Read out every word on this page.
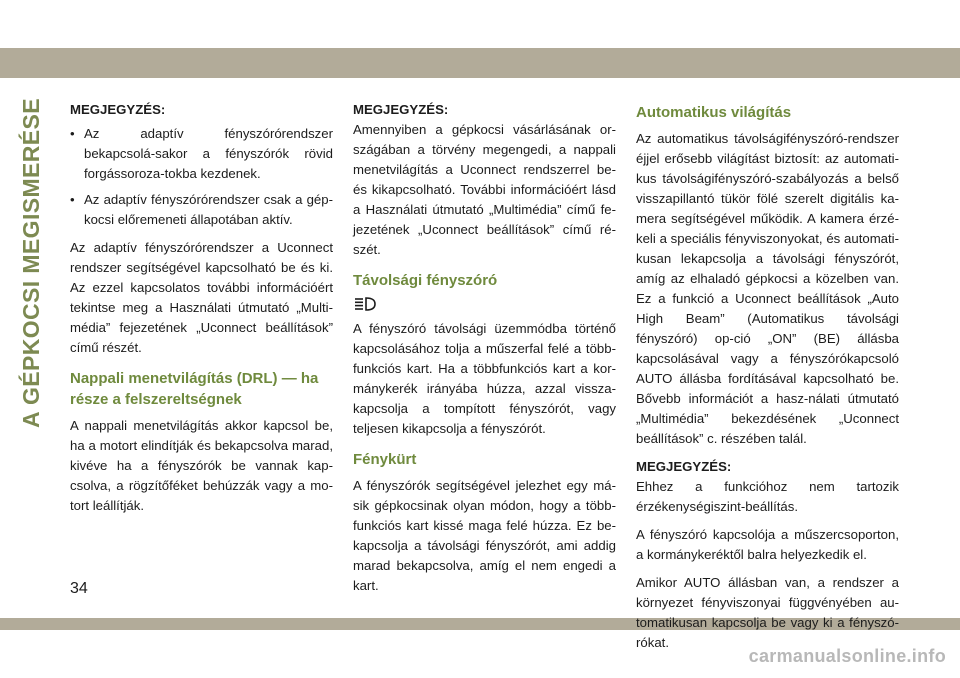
A GÉPKOCSI MEGISMERÉSE MEGJEGYZÉS:

• Az adaptív fényszórórendszer bekapcsolá-sakor a fényszórók rövid forgássoroza-tokba kezdenek.
• Az adaptív fényszórórendszer csak a gép-kocsi előremeneti állapotában aktív.

Az adaptív fényszórórendszer a Uconnect rendszer segítségével kapcsolható be és ki. Az ezzel kapcsolatos további információért tekintse meg a Használati útmutató „Multi-média” fejezetének „Uconnect beállítások” című részét.

Nappali menetvilágítás (DRL) — ha része a felszereltségnek

A nappali menetvilágítás akkor kapcsol be, ha a motort elindítják és bekapcsolva marad, kivéve ha a fényszórók be vannak kap-csolva, a rögzítőféket behúzzák vagy a mo-tort leállítják.

MEGJEGYZÉS:

Amennyiben a gépkocsi vásárlásának or-szágában a törvény megengedi, a nappali menetvilágítás a Uconnect rendszerrel be- és kikapcsolható. További információért lásd a Használati útmutató „Multimédia” című fe-jezetének „Uconnect beállítások” című ré-szét.

Távolsági fényszóró

A fényszóró távolsági üzemmódba történő kapcsolásához tolja a műszerfal felé a több-funkciós kart. Ha a többfunkciós kart a kor-mánykerék irányába húzza, azzal vissza-kapcsolja a tompított fényszórót, vagy teljesen kikapcsolja a fényszórót.

Fénykürt

A fényszórók segítségével jelezhet egy má-sik gépkocsinak olyan módon, hogy a több-funkciós kart kissé maga felé húzza. Ez be-kapcsolja a távolsági fényszórót, ami addig marad bekapcsolva, amíg el nem engedi a kart.

Automatikus világítás

Az automatikus távolságifényszóró-rendszer éjjel erősebb világítást biztosít: az automati-kus távolságifényszóró-szabályozás a belső visszapillantó tükör fölé szerelt digitális ka-mera segítségével működik. A kamera érzé-keli a speciális fényviszonyokat, és automati-kusan lekapcsolja a távolsági fényszórót, amíg az elhaladó gépkocsi a közelben van. Ez a funkció a Uconnect beállítások „Auto High Beam” (Automatikus távolsági fényszóró) op-ció „ON” (BE) állásba kapcsolásával vagy a fényszórókapcsoló AUTO állásba fordításával kapcsolható be. Bővebb információt a hasz-nálati útmutató „Multimédia” bekezdésének „Uconnect beállítások” c. részében talál.

MEGJEGYZÉS:

Ehhez a funkcióhoz nem tartozik érzékenységiszint-beállítás.

A fényszóró kapcsolója a műszercsoporton, a kormánykeréktől balra helyezkedik el.

Amikor AUTO állásban van, a rendszer a környezet fényviszonyai függvényében au-tomatikusan kapcsolja be vagy ki a fényszó-rókat.

34
carmanualsonline.info
